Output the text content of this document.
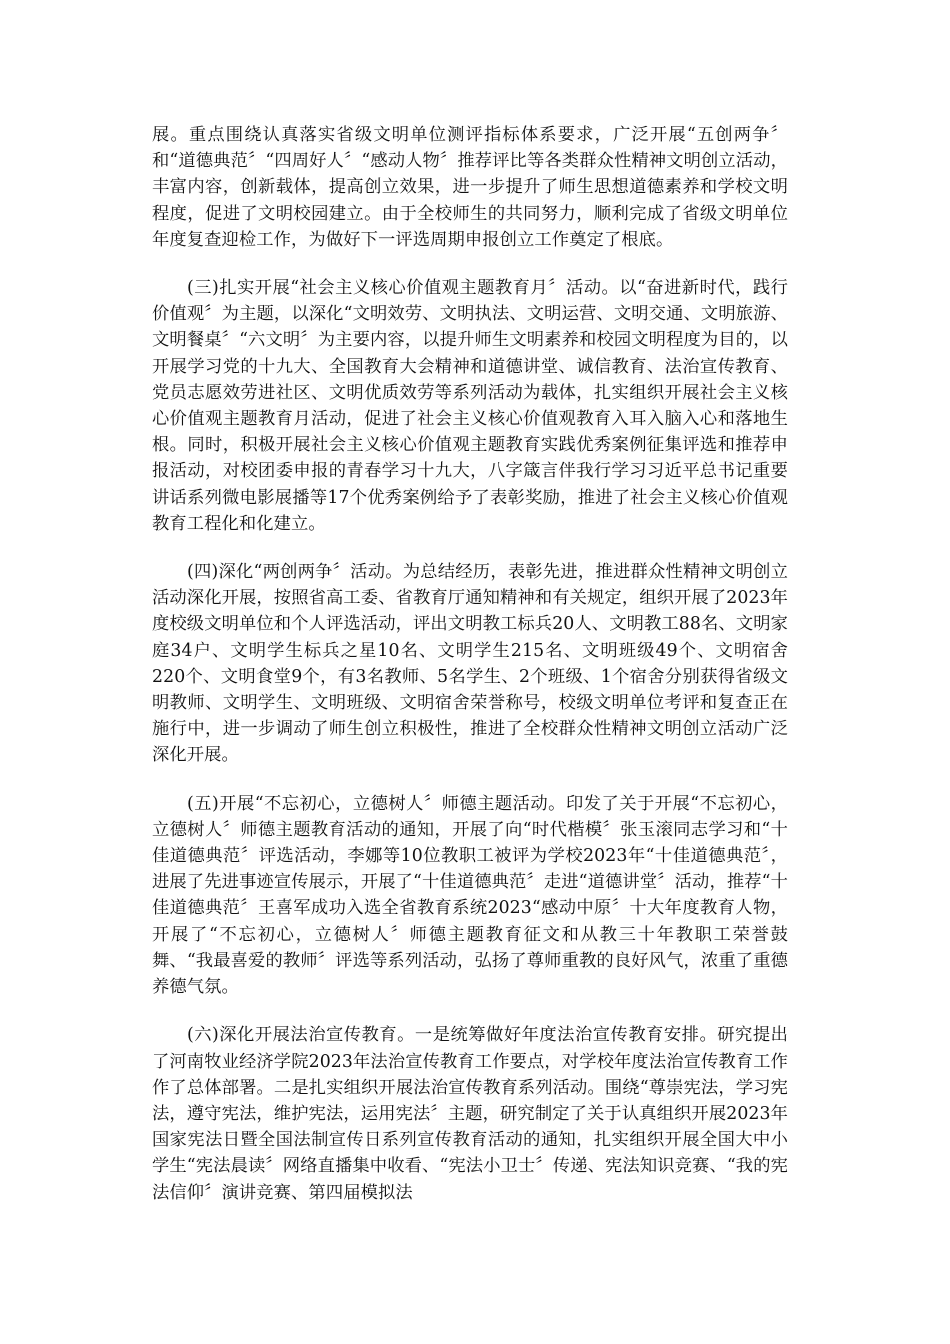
展。重点围绕认真落实省级文明单位测评指标体系要求，广泛开展“五创两争〞和“道德典范〞“四周好人〞“感动人物〞推荐评比等各类群众性精神文明创立活动，丰富内容，创新载体，提高创立效果，进一步提升了师生思想道德素养和学校文明程度，促进了文明校园建立。由于全校师生的共同努力，顺利完成了省级文明单位年度复查迎检工作，为做好下一评选周期申报创立工作奠定了根底。

(三)扎实开展“社会主义核心价值观主题教育月〞活动。以“奋进新时代，践行价值观〞为主题，以深化“文明效劳、文明执法、文明运营、文明交通、文明旅游、文明餐桌〞“六文明〞为主要内容，以提升师生文明素养和校园文明程度为目的，以开展学习党的十九大、全国教育大会精神和道德讲堂、诚信教育、法治宣传教育、党员志愿效劳进社区、文明优质效劳等系列活动为载体，扎实组织开展社会主义核心价值观主题教育月活动，促进了社会主义核心价值观教育入耳入脑入心和落地生根。同时，积极开展社会主义核心价值观主题教育实践优秀案例征集评选和推荐申报活动，对校团委申报的青春学习十九大，八字箴言伴我行学习习近平总书记重要讲话系列微电影展播等17个优秀案例给予了表彰奖励，推进了社会主义核心价值观教育工程化和化建立。

(四)深化“两创两争〞活动。为总结经历，表彰先进，推进群众性精神文明创立活动深化开展，按照省高工委、省教育厅通知精神和有关规定，组织开展了2023年度校级文明单位和个人评选活动，评出文明教工标兵20人、文明教工88名、文明家庭34户、文明学生标兵之星10名、文明学生215名、文明班级49个、文明宿舍220个、文明食堂9个，有3名教师、5名学生、2个班级、1个宿舍分别获得省级文明教师、文明学生、文明班级、文明宿舍荣誉称号，校级文明单位考评和复查正在施行中，进一步调动了师生创立积极性，推进了全校群众性精神文明创立活动广泛深化开展。

(五)开展“不忘初心，立德树人〞师德主题活动。印发了关于开展“不忘初心，立德树人〞师德主题教育活动的通知，开展了向“时代楷模〞张玉滚同志学习和“十佳道德典范〞评选活动，李娜等10位教职工被评为学校2023年“十佳道德典范〞，进展了先进事迹宣传展示，开展了“十佳道德典范〞走进“道德讲堂〞活动，推荐“十佳道德典范〞王喜军成功入选全省教育系统2023“感动中原〞十大年度教育人物，开展了“不忘初心，立德树人〞师德主题教育征文和从教三十年教职工荣誉鼓舞、“我最喜爱的教师〞评选等系列活动，弘扬了尊师重教的良好风气，浓重了重德养德气氛。

(六)深化开展法治宣传教育。一是统筹做好年度法治宣传教育安排。研究提出了河南牧业经济学院2023年法治宣传教育工作要点，对学校年度法治宣传教育工作作了总体部署。二是扎实组织开展法治宣传教育系列活动。围绕“尊崇宪法，学习宪法，遵守宪法，维护宪法，运用宪法〞主题，研究制定了关于认真组织开展2023年国家宪法日暨全国法制宣传日系列宣传教育活动的通知，扎实组织开展全国大中小学生“宪法晨读〞网络直播集中收看、“宪法小卫士〞传递、宪法知识竞赛、“我的宪法信仰〞演讲竞赛、第四届模拟法
